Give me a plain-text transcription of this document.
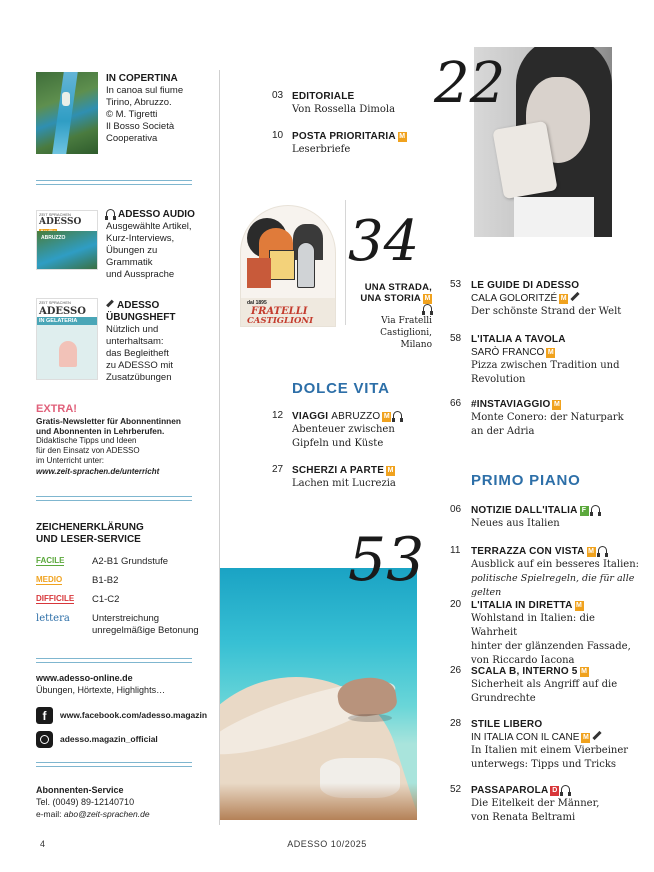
IN COPERTINA
In canoa sul fiume
Tirino, Abruzzo.
© M. Tigretti
Il Bosso Società
Cooperativa
ZEIT SPRACHEN
ADESSO
ABRUZZO
ADESSO AUDIO
Ausgewählte Artikel,
Kurz-Interviews,
Übungen zu Grammatik
und Aussprache
ZEIT SPRACHEN
ADESSO
IN GELATERIA
ADESSO
ÜBUNGSHEFT
Nützlich und
unterhaltsam:
das Begleitheft
zu ADESSO mit
Zusatzübungen
EXTRA!
Gratis-Newsletter für Abonnentinnen
und Abonnenten in Lehrberufen.
Didaktische Tipps und Ideen
für den Einsatz von ADESSO
im Unterricht unter:
www.zeit-sprachen.de/unterricht
ZEICHENERKLÄRUNG
UND LESER-SERVICE
FACILE	A2-B1 Grundstufe
MEDIO	B1-B2
DIFFICILE C1-C2
lettera Unterstreichung
unregelmäßige Betonung
www.adesso-online.de
Übungen, Hörtexte, Highlights…
f	www.facebook.com/adesso.magazin
adesso.magazin_official
Abonnenten-Service
Tel. (0049) 89-12140710
e-mail: abo@zeit-sprachen.de
03 EDITORIALE
Von Rossella Dimola
10 POSTA PRIORITARIA M
Leserbriefe
dal 1895
FRATELLI
CASTIGLIONI
34
UNA STRADA,
UNA STORIA M
Via Fratelli Castiglioni,
Milano
DOLCE VITA
12 VIAGGI ABRUZZO M
Abenteuer zwischen
Gipfeln und Küste
27 SCHERZI A PARTE M
Lachen mit Lucrezia
53
22
53 LE GUIDE DI ADESSO
CALA GOLORITZÉ M
Der schönste Strand der Welt
58 L'ITALIA A TAVOLA
SARÒ FRANCO M
Pizza zwischen Tradition und
Revolution
66 #INSTAVIAGGIO M
Monte Conero: der Naturpark
an der Adria
PRIMO PIANO
06 NOTIZIE DALL'ITALIA F
Neues aus Italien
11 TERRAZZA CON VISTA M
Ausblick auf ein besseres Italien:
politische Spielregeln, die für alle gelten
20 L'ITALIA IN DIRETTA M
Wohlstand in Italien: die Wahrheit
hinter der glänzenden Fassade,
von Riccardo Iacona
26 SCALA B, INTERNO 5 M
Sicherheit als Angriff auf die
Grundrechte
28 STILE LIBERO
IN ITALIA CON IL CANE M
In Italien mit einem Vierbeiner
unterwegs: Tipps und Tricks
52 PASSAPAROLA D
Die Eitelkeit der Männer,
von Renata Beltrami
4	ADESSO 10/2025
